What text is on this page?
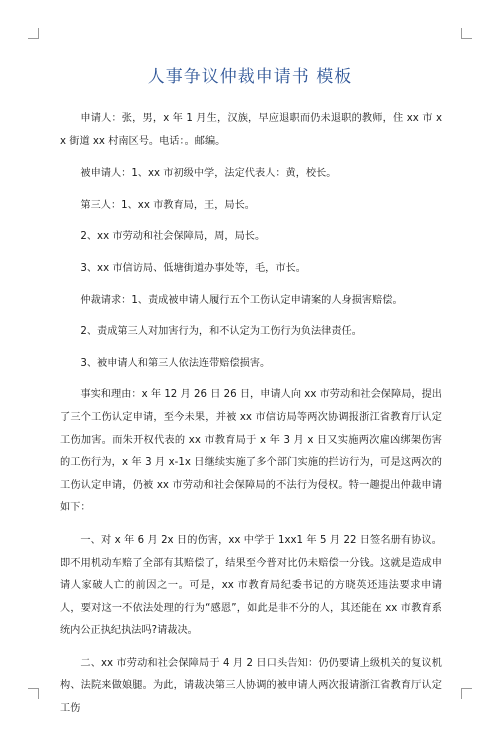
人事争议仲裁申请书 模板

申请人：张，男，x 年 1 月生，汉族，早应退职而仍未退职的教师，住 xx 市 xx 街道 xx 村南区号。电话：。邮编。

被申请人：1、xx 市初级中学，法定代表人：黄，校长。

第三人：1、xx 市教育局，王，局长。

2、xx 市劳动和社会保障局，周，局长。

3、xx 市信访局、低塘街道办事处等，毛，市长。

仲裁请求：1、责成被申请人履行五个工伤认定申请案的人身损害赔偿。

2、责成第三人对加害行为，和不认定为工伤行为负法律责任。

3、被申请人和第三人依法连带赔偿损害。

事实和理由：x 年 12 月 26 日 26 日，申请人向 xx 市劳动和社会保障局，提出了三个工伤认定申请，至今未果，并被 xx 市信访局等两次协调报浙江省教育厅认定工伤加害。而朱开权代表的 xx 市教育局于 x 年 3 月 x 日又实施两次雇凶绑架伤害的工伤行为，x 年 3 月 x-1x 日继续实施了多个部门实施的拦访行为，可是这两次的工伤认定申请，仍被 xx 市劳动和社会保障局的不法行为侵权。特一趣提出仲裁申请如下：

一、对 x 年 6 月 2x 日的伤害，xx 中学于 1xx1 年 5 月 22 日签名册有协议。即不用机动车赔了全部有其赔偿了，结果至今普对比仍未赔偿一分钱。这就是造成申请人家破人亡的前因之一。可是，xx 市教育局纪委书记的方晓英还违法要求申请人，要对这一不依法处理的行为“感恩”，如此是非不分的人，其还能在 xx 市教育系统内公正执纪执法吗?请裁决。

二、xx 市劳动和社会保障局于 4 月 2 日口头告知：仍仍要请上级机关的复议机构、法院来做娘腿。为此，请裁决第三人协调的被申请人两次报请浙江省教育厅认定工伤
